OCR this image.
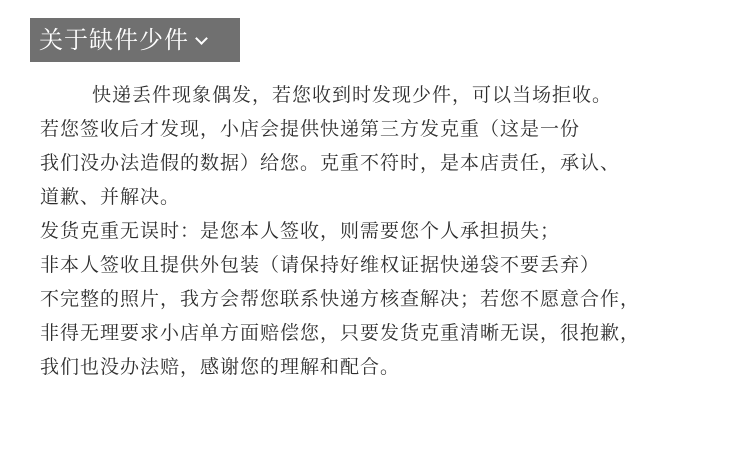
关于缺件少件
快递丢件现象偶发，若您收到时发现少件，可以当场拒收。
若您签收后才发现，小店会提供快递第三方发克重（这是一份
我们没办法造假的数据）给您。克重不符时，是本店责任，承认、
道歉、并解决。
发货克重无误时：是您本人签收，则需要您个人承担损失；
非本人签收且提供外包装（请保持好维权证据快递袋不要丢弃）
不完整的照片，我方会帮您联系快递方核查解决；若您不愿意合作，
非得无理要求小店单方面赔偿您，只要发货克重清晰无误，很抱歉，
我们也没办法赔，感谢您的理解和配合。
